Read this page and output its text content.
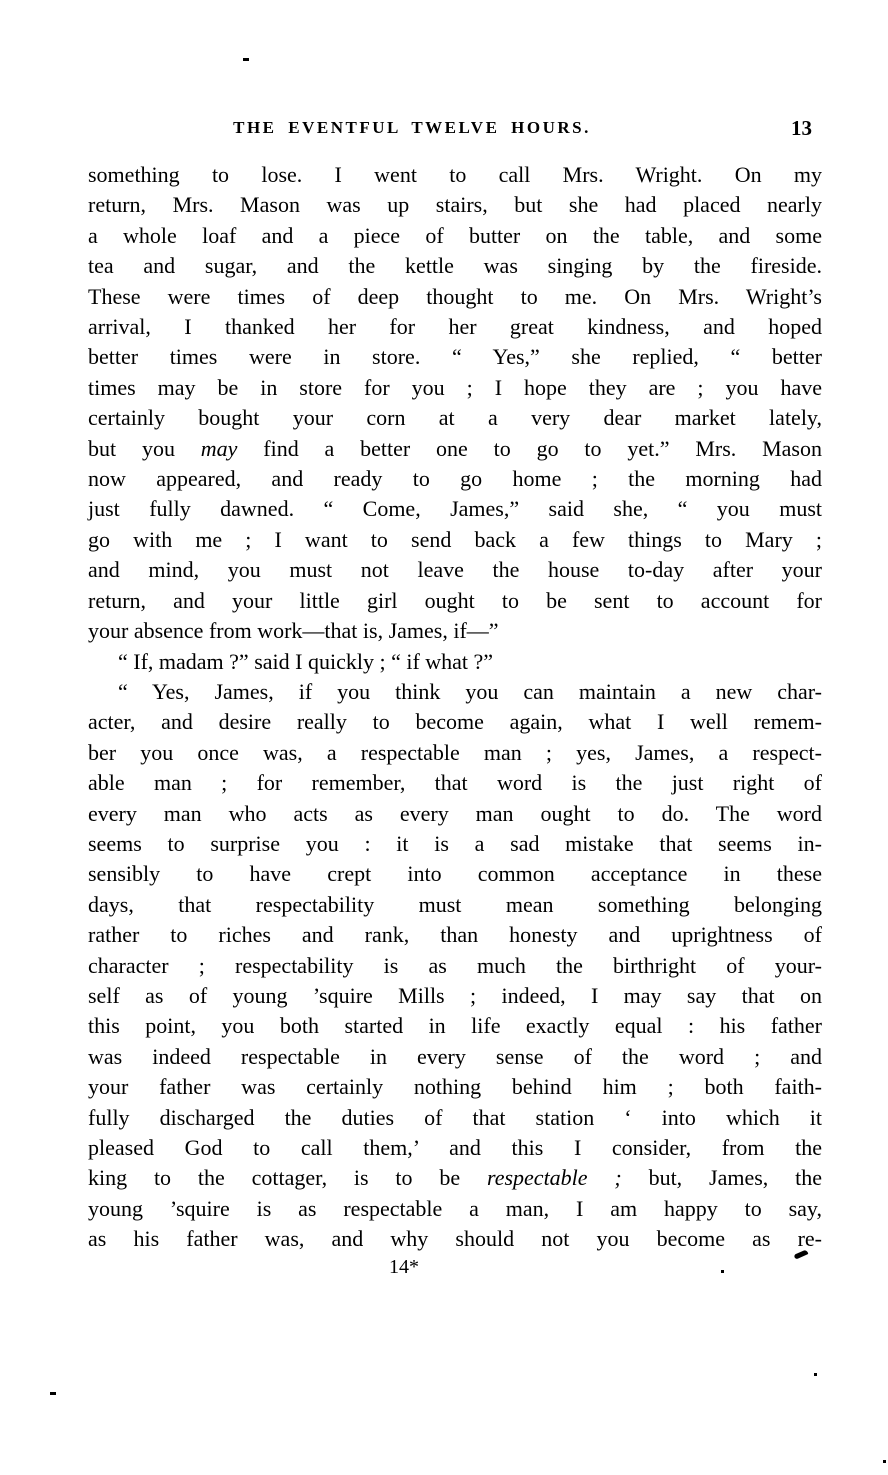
THE EVENTFUL TWELVE HOURS.	13
something to lose. I went to call Mrs. Wright. On my
return, Mrs. Mason was up stairs, but she had placed nearly
a whole loaf and a piece of butter on the table, and some
tea and sugar, and the kettle was singing by the fireside.
These were times of deep thought to me. On Mrs. Wright’s
arrival, I thanked her for her great kindness, and hoped
better times were in store. “ Yes,” she replied, “ better
times may be in store for you ; I hope they are ; you have
certainly bought your corn at a very dear market lately,
but you may find a better one to go to yet.” Mrs. Mason
now appeared, and ready to go home ; the morning had
just fully dawned. “ Come, James,” said she, “ you must
go with me ; I want to send back a few things to Mary ;
and mind, you must not leave the house to-day after your
return, and your little girl ought to be sent to account for
your absence from work—that is, James, if—”
“ If, madam ?” said I quickly ; “ if what ?”
“ Yes, James, if you think you can maintain a new char-
acter, and desire really to become again, what I well remem-
ber you once was, a respectable man ; yes, James, a respect-
able man ; for remember, that word is the just right of
every man who acts as every man ought to do. The word
seems to surprise you : it is a sad mistake that seems in-
sensibly to have crept into common acceptance in these
days, that respectability must mean something belonging
rather to riches and rank, than honesty and uprightness of
character ; respectability is as much the birthright of your-
self as of young ’squire Mills ; indeed, I may say that on
this point, you both started in life exactly equal : his father
was indeed respectable in every sense of the word ; and
your father was certainly nothing behind him ; both faith-
fully discharged the duties of that station ‘ into which it
pleased God to call them,’ and this I consider, from the
king to the cottager, is to be respectable ; but, James, the
young ’squire is as respectable a man, I am happy to say,
as his father was, and why should not you become as re-
14*
